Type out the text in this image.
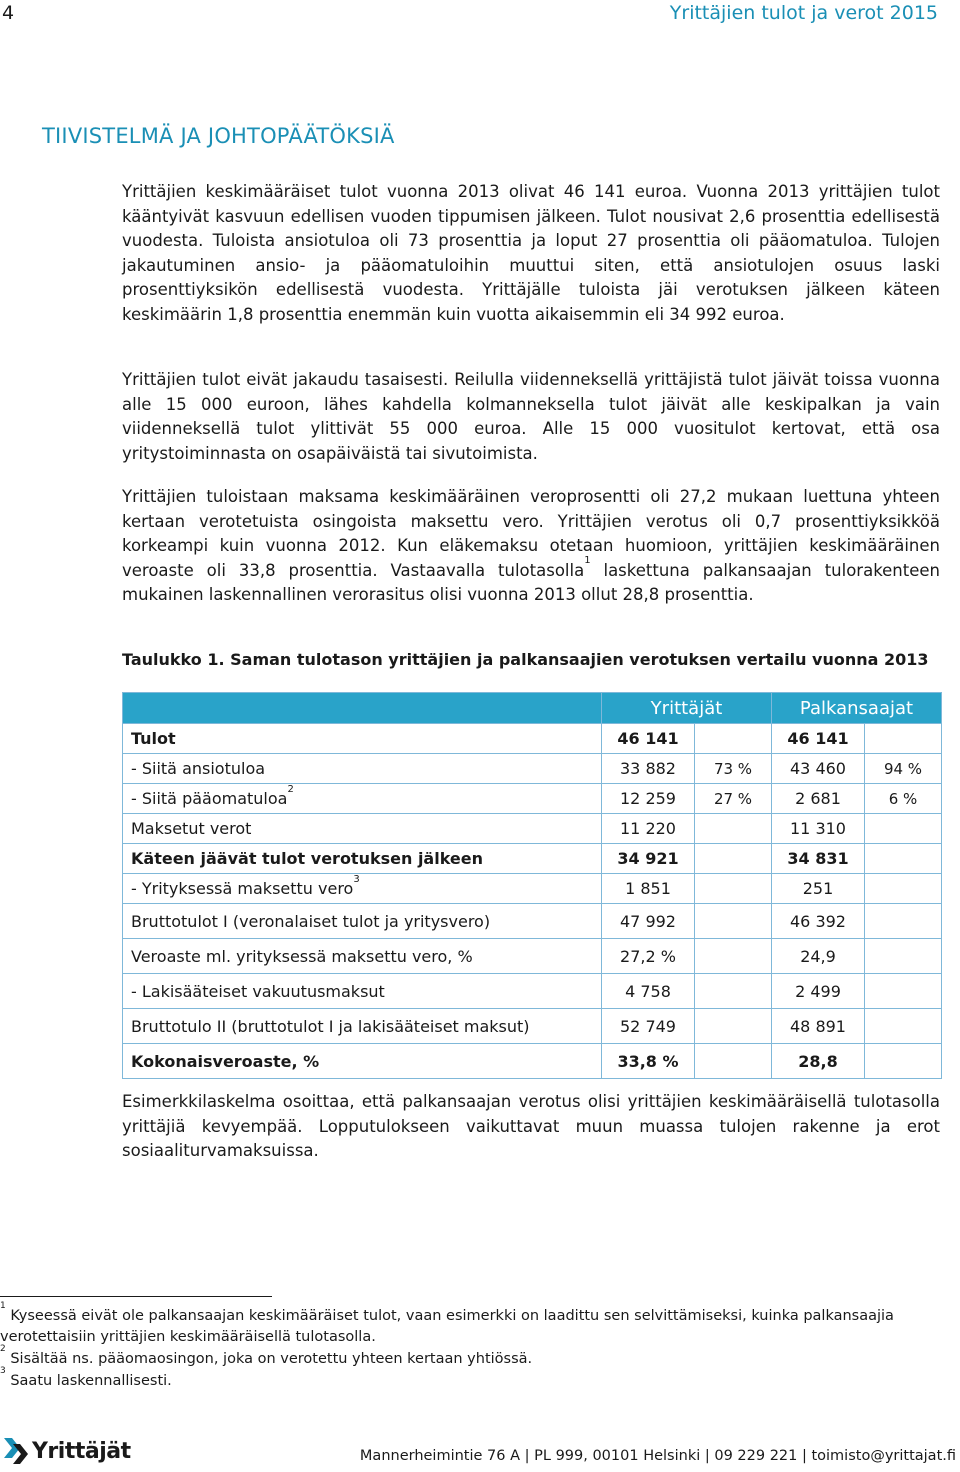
4	Yrittäjien tulot ja verot 2015
TIIVISTELMÄ JA JOHTOPÄÄTÖKSIÄ

Yrittäjien keskimääräiset tulot vuonna 2013 olivat 46 141 euroa. Vuonna 2013 yrittäjien tulot kääntyivät kasvuun edellisen vuoden tippumisen jälkeen. Tulot nousivat 2,6 prosenttia edellisestä vuodesta. Tuloista ansiotuloa oli 73 prosenttia ja loput 27 prosenttia oli pääomatuloa. Tulojen jakautuminen ansio- ja pääomatuloihin muuttui siten, että ansiotulojen osuus laski prosenttiyksikön edellisestä vuodesta. Yrittäjälle tuloista jäi verotuksen jälkeen käteen keskimäärin 1,8 prosenttia enemmän kuin vuotta aikaisemmin eli 34 992 euroa.

Yrittäjien tulot eivät jakaudu tasaisesti. Reilulla viidenneksellä yrittäjistä tulot jäivät toissa vuonna alle 15 000 euroon, lähes kahdella kolmanneksella tulot jäivät alle keskipalkan ja vain viidenneksellä tulot ylittivät 55 000 euroa. Alle 15 000 vuositulot kertovat, että osa yritystoiminnasta on osapäiväistä tai sivutoimista.

Yrittäjien tuloistaan maksama keskimääräinen veroprosentti oli 27,2 mukaan luettuna yhteen kertaan verotetuista osingoista maksettu vero. Yrittäjien verotus oli 0,7 prosenttiyksikköä korkeampi kuin vuonna 2012. Kun eläkemaksu otetaan huomioon, yrittäjien keskimääräinen veroaste oli 33,8 prosenttia. Vastaavalla tulotasolla$^1$ laskettuna palkansaajan tulorakenteen mukainen laskennallinen verorasitus olisi vuonna 2013 ollut 28,8 prosenttia.

Taulukko 1. Saman tulotason yrittäjien ja palkansaajien verotuksen vertailu vuonna 2013
	Yrittäjät		Palkansaajat	
Tulot	46 141		46 141	
- Siitä ansiotuloa	33 882	73 %	43 460	94 %
- Siitä pääomatuloa$^2$	12 259	27 %	2 681	6 %
Maksetut verot	11 220		11 310	
Käteen jäävät tulot verotuksen jälkeen	34 921		34 831	
- Yrityksessä maksettu vero$^3$	1 851		251	
Bruttotulot I (veronalaiset tulot ja yritysvero)	47 992		46 392	
Veroaste ml. yrityksessä maksettu vero, %	27,2 %		24,9	
- Lakisääteiset vakuutusmaksut	4 758		2 499	
Bruttotulo II (bruttotulot I ja lakisääteiset maksut)	52 749		48 891	
Kokonaisveroaste, %	33,8 %		28,8	

Esimerkkilaskelma osoittaa, että palkansaajan verotus olisi yrittäjien keskimääräisellä tulotasolla yrittäjiä kevyempää. Lopputulokseen vaikuttavat muun muassa tulojen rakenne ja erot sosiaaliturvamaksuissa.

$^1$ Kyseessä eivät ole palkansaajan keskimääräiset tulot, vaan esimerkki on laadittu sen selvittämiseksi, kuinka palkansaajia verotettaisiin yrittäjien keskimääräisellä tulotasolla.
$^2$ Sisältää ns. pääomaosingon, joka on verotettu yhteen kertaan yhtiössä.
$^3$ Saatu laskennallisesti.
Yrittäjät	Mannerheimintie 76 A | PL 999, 00101 Helsinki | 09 229 221 | toimisto@yrittajat.fi
